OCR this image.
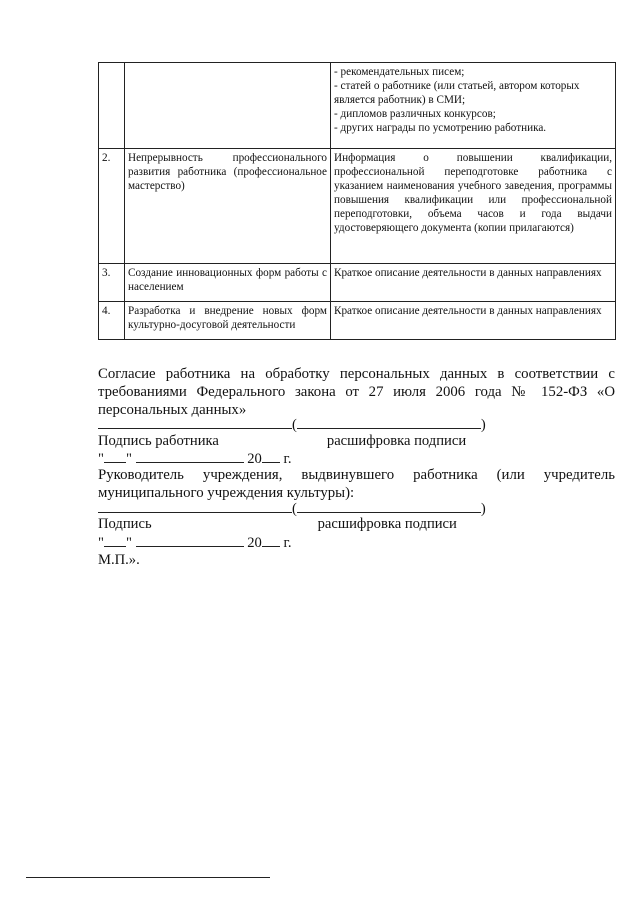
		- рекомендательных писем;
- статей о работнике (или статьей, автором которых является работник) в СМИ;
- дипломов различных конкурсов;
- других награды по усмотрению работника.

2.	Непрерывность профессионального развития работника (профессиональное мастерство)	Информация о повышении квалификации, профессиональной переподготовке работника с указанием наименования учебного заведения, программы повышения квалификации или профессиональной переподготовки, объема часов и года выдачи удостоверяющего документа (копии прилагаются)
3.	Создание инновационных форм работы с населением	Краткое описание деятельности в данных направлениях
4.	Разработка и внедрение новых форм культурно-досуговой деятельности	Краткое описание деятельности в данных направлениях
Согласие работника на обработку персональных данных в соответствии с требованиями Федерального закона от 27 июля 2006 года № 152-ФЗ «О персональных данных»
(	)
Подпись работника	расшифровка подписи
" "	20 г.
Руководитель учреждения, выдвинувшего работника (или учредитель муниципального учреждения культуры):
(	)
Подпись	расшифровка подписи
" "	20 г.
М.П.».
